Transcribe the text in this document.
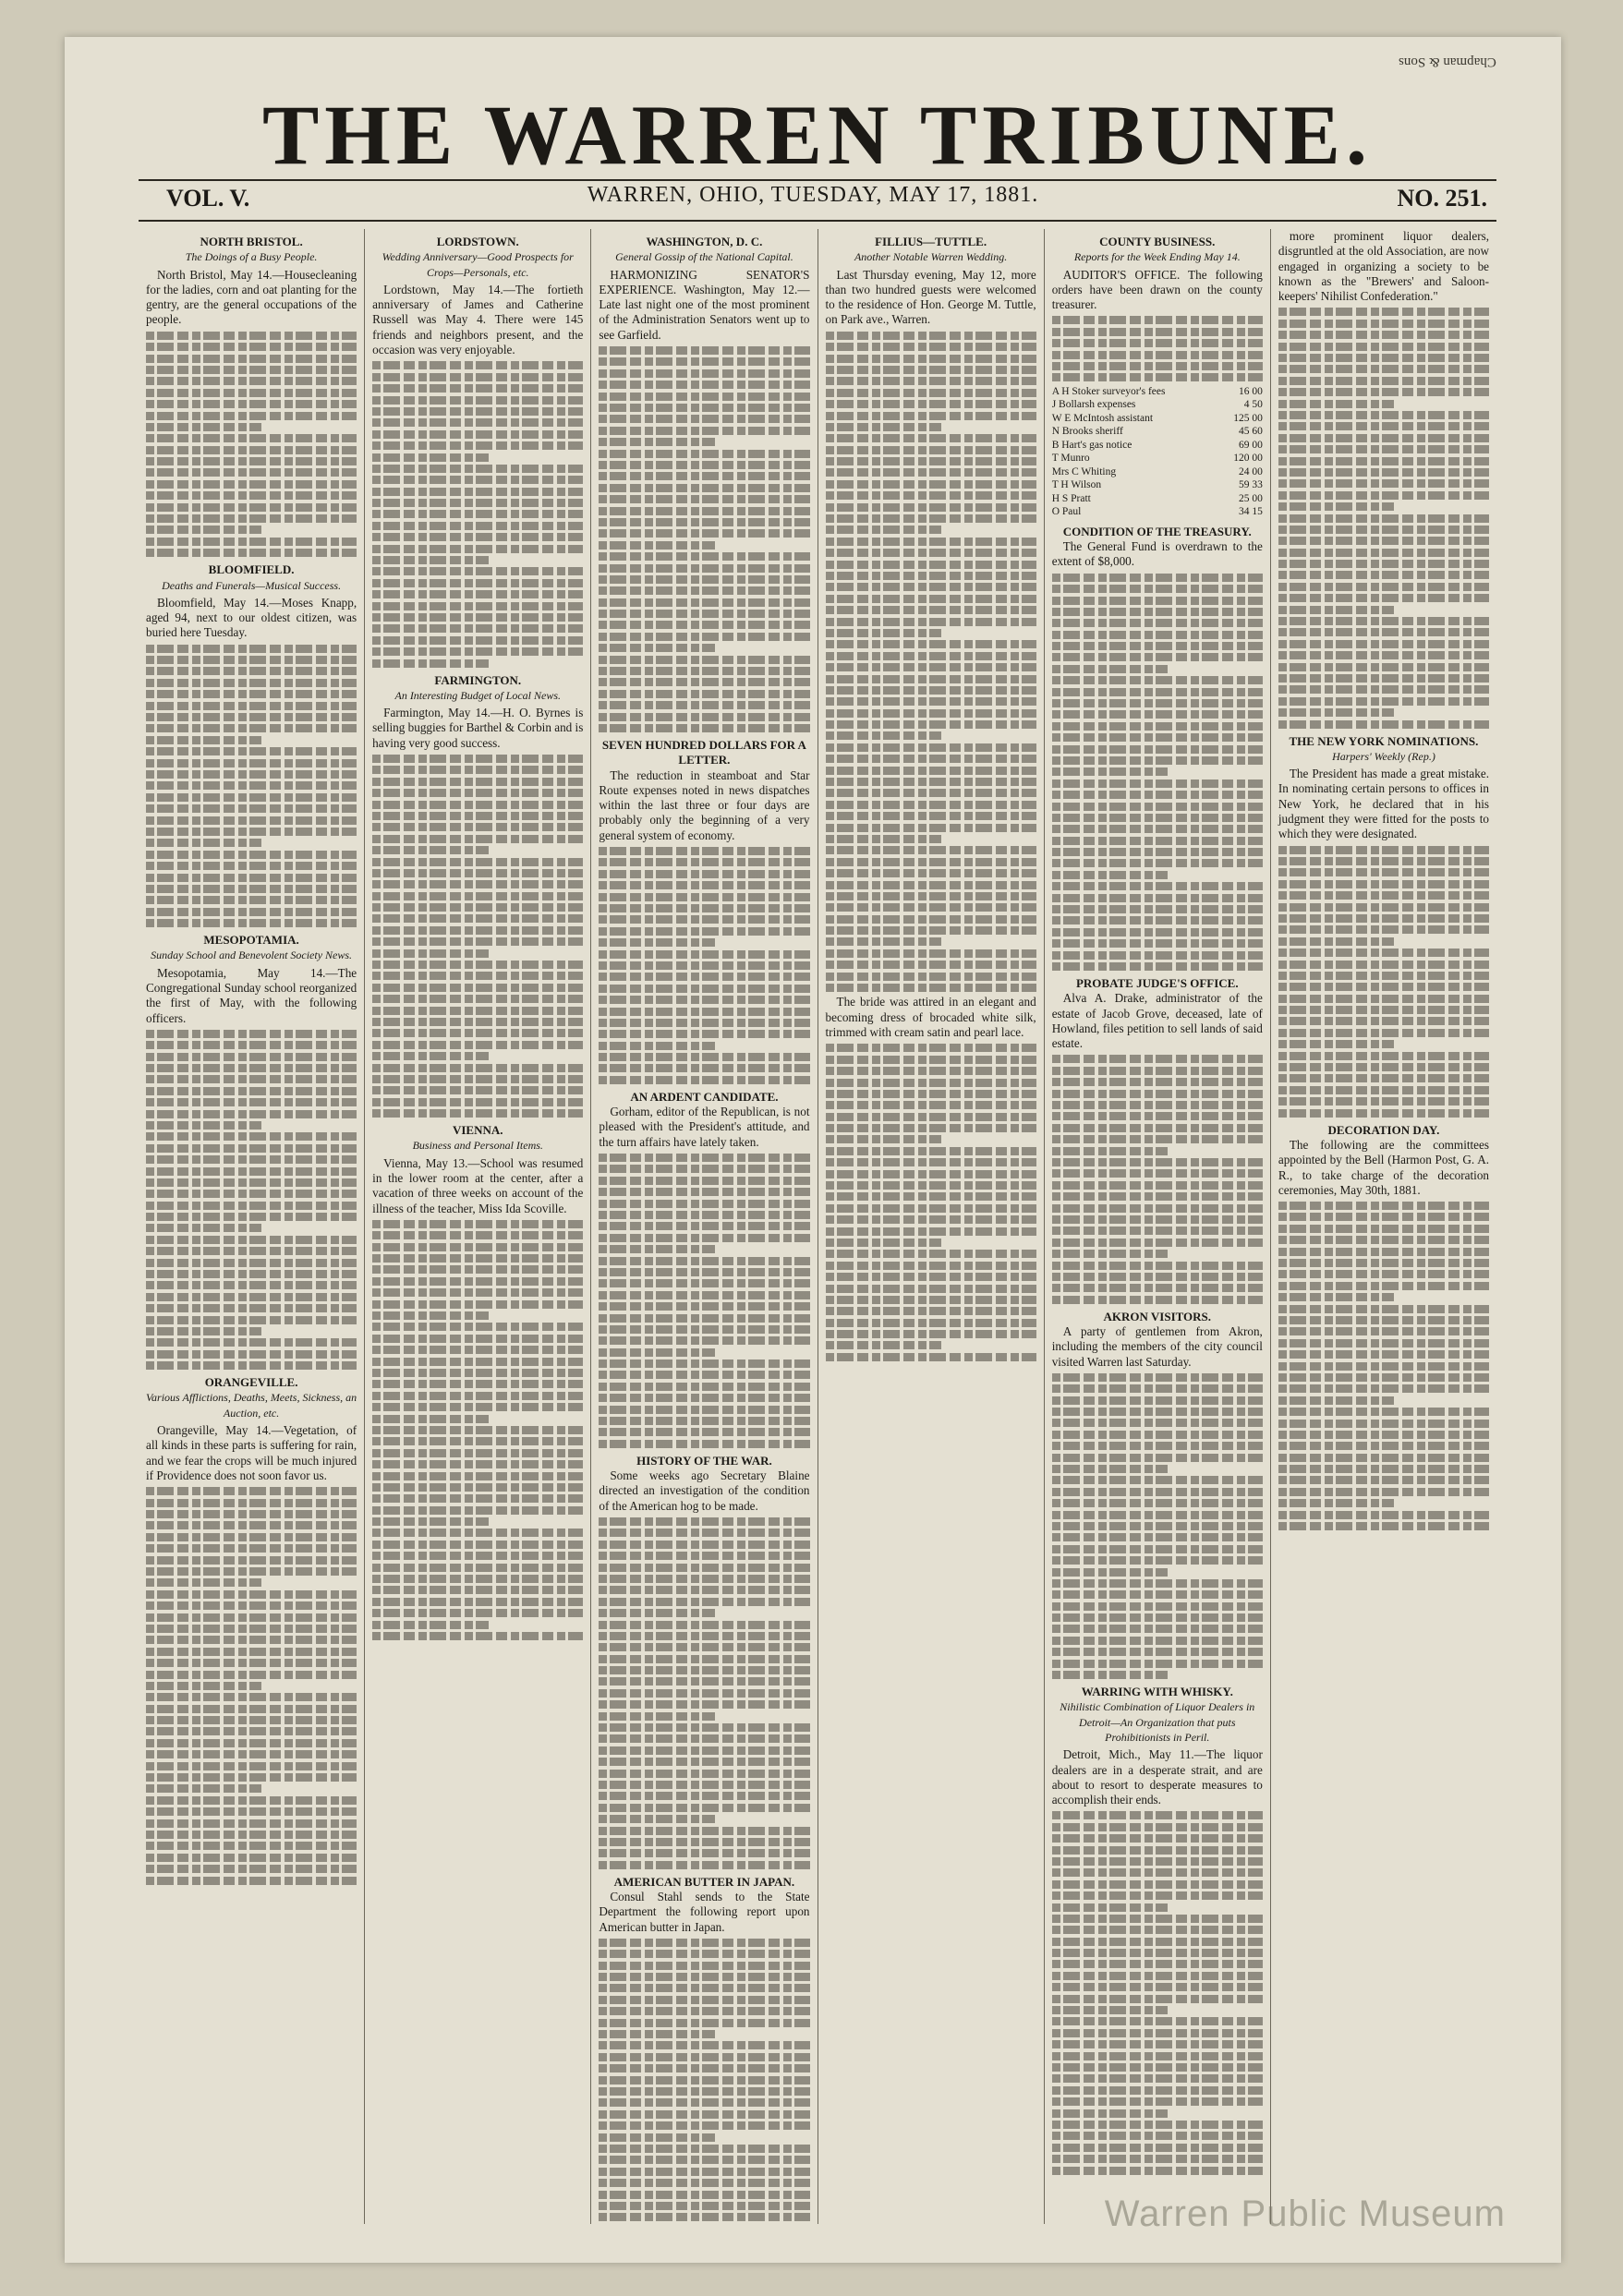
Chapman & Sons
THE WARREN TRIBUNE.
VOL. V.	WARREN, OHIO, TUESDAY, MAY 17, 1881.	NO. 251.
NORTH BRISTOL.
The Doings of a Busy People.

North Bristol, May 14.—Housecleaning for the ladies, corn and oat planting for the gentry, are the general occupations of the people.

BLOOMFIELD.
Deaths and Funerals—Musical Success.

Bloomfield, May 14.—Moses Knapp, aged 94, next to our oldest citizen, was buried here Tuesday.

MESOPOTAMIA.
Sunday School and Benevolent Society News.

Mesopotamia, May 14.—The Congregational Sunday school reorganized the first of May, with the following officers.

ORANGEVILLE.
Various Afflictions, Deaths, Meets, Sickness, an Auction, etc.

Orangeville, May 14.—Vegetation, of all kinds in these parts is suffering for rain, and we fear the crops will be much injured if Providence does not soon favor us.

LORDSTOWN.
Wedding Anniversary—Good Prospects for Crops—Personals, etc.

Lordstown, May 14.—The fortieth anniversary of James and Catherine Russell was May 4. There were 145 friends and neighbors present, and the occasion was very enjoyable.

FARMINGTON.
An Interesting Budget of Local News.

Farmington, May 14.—H. O. Byrnes is selling buggies for Barthel & Corbin and is having very good success.

VIENNA.
Business and Personal Items.

Vienna, May 13.—School was resumed in the lower room at the center, after a vacation of three weeks on account of the illness of the teacher, Miss Ida Scoville.

WASHINGTON, D. C.
General Gossip of the National Capital.

HARMONIZING SENATOR'S EXPERIENCE. Washington, May 12.—Late last night one of the most prominent of the Administration Senators went up to see Garfield.

SEVEN HUNDRED DOLLARS FOR A LETTER.

The reduction in steamboat and Star Route expenses noted in news dispatches within the last three or four days are probably only the beginning of a very general system of economy.

AN ARDENT CANDIDATE.

Gorham, editor of the Republican, is not pleased with the President's attitude, and the turn affairs have lately taken.

HISTORY OF THE WAR.

Some weeks ago Secretary Blaine directed an investigation of the condition of the American hog to be made.

AMERICAN BUTTER IN JAPAN.

Consul Stahl sends to the State Department the following report upon American butter in Japan.

FILLIUS—TUTTLE.
Another Notable Warren Wedding.

Last Thursday evening, May 12, more than two hundred guests were welcomed to the residence of Hon. George M. Tuttle, on Park ave., Warren.

The bride was attired in an elegant and becoming dress of brocaded white silk, trimmed with cream satin and pearl lace.

COUNTY BUSINESS.
Reports for the Week Ending May 14.

AUDITOR'S OFFICE. The following orders have been drawn on the county treasurer.

A H Stoker surveyor's fees	16 00
J Bollarsh expenses	4 50
W E McIntosh assistant	125 00
N Brooks sheriff	45 60
B Hart's gas notice	69 00
T Munro	120 00
Mrs C Whiting	24 00
T H Wilson	59 33
H S Pratt	25 00
O Paul	34 15
CONDITION OF THE TREASURY.

The General Fund is overdrawn to the extent of $8,000.

PROBATE JUDGE'S OFFICE.

Alva A. Drake, administrator of the estate of Jacob Grove, deceased, late of Howland, files petition to sell lands of said estate.

AKRON VISITORS.

A party of gentlemen from Akron, including the members of the city council visited Warren last Saturday.

WARRING WITH WHISKY.
Nihilistic Combination of Liquor Dealers in Detroit—An Organization that puts Prohibitionists in Peril.

Detroit, Mich., May 11.—The liquor dealers are in a desperate strait, and are about to resort to desperate measures to accomplish their ends.

more prominent liquor dealers, disgruntled at the old Association, are now engaged in organizing a society to be known as the "Brewers' and Saloon-keepers' Nihilist Confederation."

THE NEW YORK NOMINATIONS.
Harpers' Weekly (Rep.)

The President has made a great mistake. In nominating certain persons to offices in New York, he declared that in his judgment they were fitted for the posts to which they were designated.

DECORATION DAY.

The following are the committees appointed by the Bell (Harmon Post, G. A. R., to take charge of the decoration ceremonies, May 30th, 1881.

Warren Public Museum
